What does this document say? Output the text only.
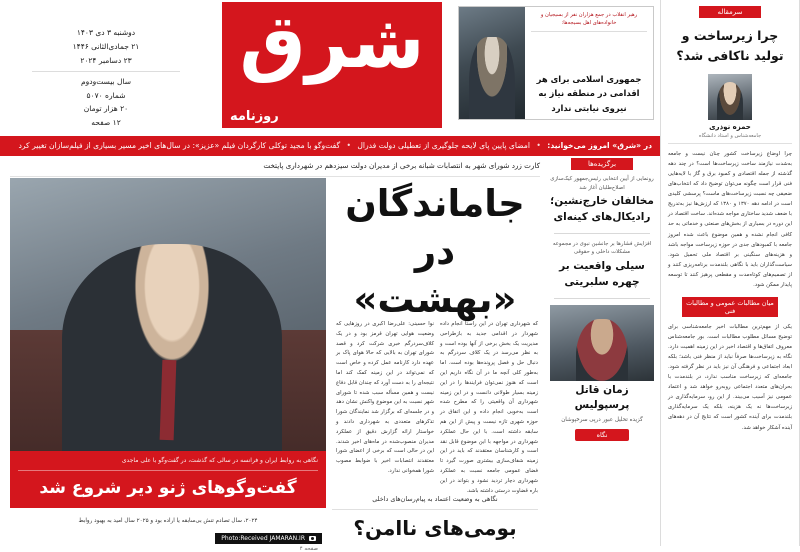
رهبر انقلاب در جمع هزاران نفر از بسیجیان و خانواده‌های اهل بسیجه‌ها:
جمهوری اسلامی برای هر اقدامی در منطقه نیاز به نیروی نیابتی ندارد
شرق
روزنامه
دوشنبه ۳ دی ۱۴۰۳
۲۱ جمادی‌الثانی ۱۴۴۶
۲۳ دسامبر ۲۰۲۴
سال بیست‌و‌دوم
شماره ۵۰۷۰
۲۰ هزار تومان
۱۲ صفحه
در «شرق» امروز می‌خوانید: • امضای پایین پای لایحه جلوگیری از تعطیلی دولت فدرال • گفت‌وگو با مجید توکلی کارگردان فیلم «عزیز»: در سال‌های اخیر مسیر بسیاری از فیلم‌سازان تغییر کرد
برگزیده‌ها
رونمایی از آیین انتخابی رئیس‌جمهور کیک‌سازی اصلاح‌طلبان آغاز شد
مخالفان خارج‌نشین؛ رادیکال‌های کینه‌ای
افزایش فشارها بر جانشین نبوی در مجموعه مشکلات داخلی و حقوقی
سیلی واقعیت بر چهره سلبریتی
زمان قاتل پرسپولیس
گزیده تحلیل عبور درپی سرخپوشان
نگاه
کارت زرد شورای شهر به انتصابات شبانه برخی از مدیران دولت سیزدهم در شهرداری پایتخت
جاماندگان در «بهشت»
که شهرداری تهران در این راستا انجام داده شهردار در اقدامی جدید به بازطراحی مدیریت یک بخش برخی از آنها بوده است و به نظر می‌رسد در یک کلاف سردرگم به دنبال حل و فصل پرونده‌ها بوده است. اما به‌طور کلی آنچه ما در آن نگاه داریم این است که هنوز نمی‌توان فرایندها را در این زمینه بسیار طولانی دانست و در این زمینه شهرداری آن واقعیتی را که مطرح شده است به‌خوبی انجام داده و این اتفاق در حوزه شهری تازه نیست و پیش از این هم سابقه داشته است. با این حال عملکرد شهرداری در مواجهه با این موضوع قابل نقد است و کارشناسان معتقدند که باید در این زمینه شفاف‌سازی بیشتری صورت گیرد تا فضای عمومی جامعه نسبت به عملکرد شهرداری دچار تردید نشود و بتواند در این باره قضاوت درستی داشته باشد.
نوا حسینی: علی‌رضا اکبری در روزهایی که وضعیت هوایی تهران قرمز بود و در یک کلاف‌سردرگم خبری شرکت کرد و قصد شورای تهران به بالایی که حالا هوای پاک بر عهده دارد کارنامه عمل کرده و خاص است که نمی‌تواند در این زمینه کمک کند اما نتیجه‌ای را به دست آورد که چندان قابل دفاع نیست و همین مسأله سبب شده تا شورای شهر نسبت به این موضوع واکنش نشان دهد و در جلسه‌ای که برگزار شد نمایندگان شورا تذکرهای متعددی به شهرداری دادند و خواستار ارائه گزارش دقیق از عملکرد مدیران منصوب‌شده در ماه‌های اخیر شدند. این در حالی است که برخی از اعضای شورا معتقدند انتصابات اخیر با ضوابط مصوب شورا همخوانی ندارد.
نگاهی به روابط ایران و فرانسه در سالی که گذشت، در گفت‌وگو با علی ماجدی
گفت‌وگوهای ژنو دیر شروع شد
۲۰۲۴، سال تصادم تنش بی‌سابقه یا اراده بود و ۲۰۲۵ سال امید به بهبود روابط
Photo:Received JAMARAN.IR
نگاهی به وضعیت اعتماد به پیام‌رسان‌های داخلی
بومی‌های ناامن؟
صفحه ۴
سرمقاله
چرا زیرساخت و تولید ناکافی شد؟
حمزه نوذری
جامعه‌شناس و استاد دانشگاه
چرا اوضاع زیرساخت کشور چنان نیست و جامعه به‌شدت نیازمند ساخت زیرساخت‌ها است؟ در چند دهه گذشته از جمله اقتصادی و کمبود برق و گاز با لایه‌هایی فنی قرار است چگونه می‌توان توضیح داد که انتخاب‌های ضعیفی چه نسبت زیرساخت‌های ماست؟ پرسشی کلیدی است در ادامه دهه ۱۳۷۰ و ۱۳۸۰ که ارزش‌ها نیز به‌تدریج با ضعف شدید ساختاری مواجه شده‌اند. ساخت اقتصاد در این دوره در بسیاری از بخش‌های صنعتی و خدماتی به حد کافی انجام نشده و همین موضوع باعث شده امروز جامعه با کمبودهای جدی در حوزه زیرساخت مواجه باشد و هزینه‌های سنگینی بر اقتصاد ملی تحمیل شود. سیاست‌گذاران باید با نگاهی بلندمدت برنامه‌ریزی کنند و از تصمیم‌های کوتاه‌مدت و مقطعی پرهیز کنند تا توسعه پایدار ممکن شود.
میان مطالبات عمومی و مطالبات فنی
یکی از مهم‌ترین مطالبات اخیر جامعه‌شناسی برای توضیح مسائل مطلوب مطالبات است. بور جامعه‌شناس معروف اتفاق‌ها و اقتصاد اخیر در این زمینه اهمیت دارد. نگاه به زیرساخت‌ها صرفاً نباید از منظر فنی باشد؛ بلکه ابعاد اجتماعی و فرهنگی آن نیز باید در نظر گرفته شود. جامعه‌ای که زیرساخت مناسب ندارد، در بلندمدت با بحران‌های متعدد اجتماعی روبه‌رو خواهد شد و اعتماد عمومی نیز آسیب می‌بیند. از این رو، سرمایه‌گذاری در زیرساخت‌ها نه یک هزینه، بلکه یک سرمایه‌گذاری بلندمدت برای آینده کشور است که نتایج آن در دهه‌های آینده آشکار خواهد شد.
